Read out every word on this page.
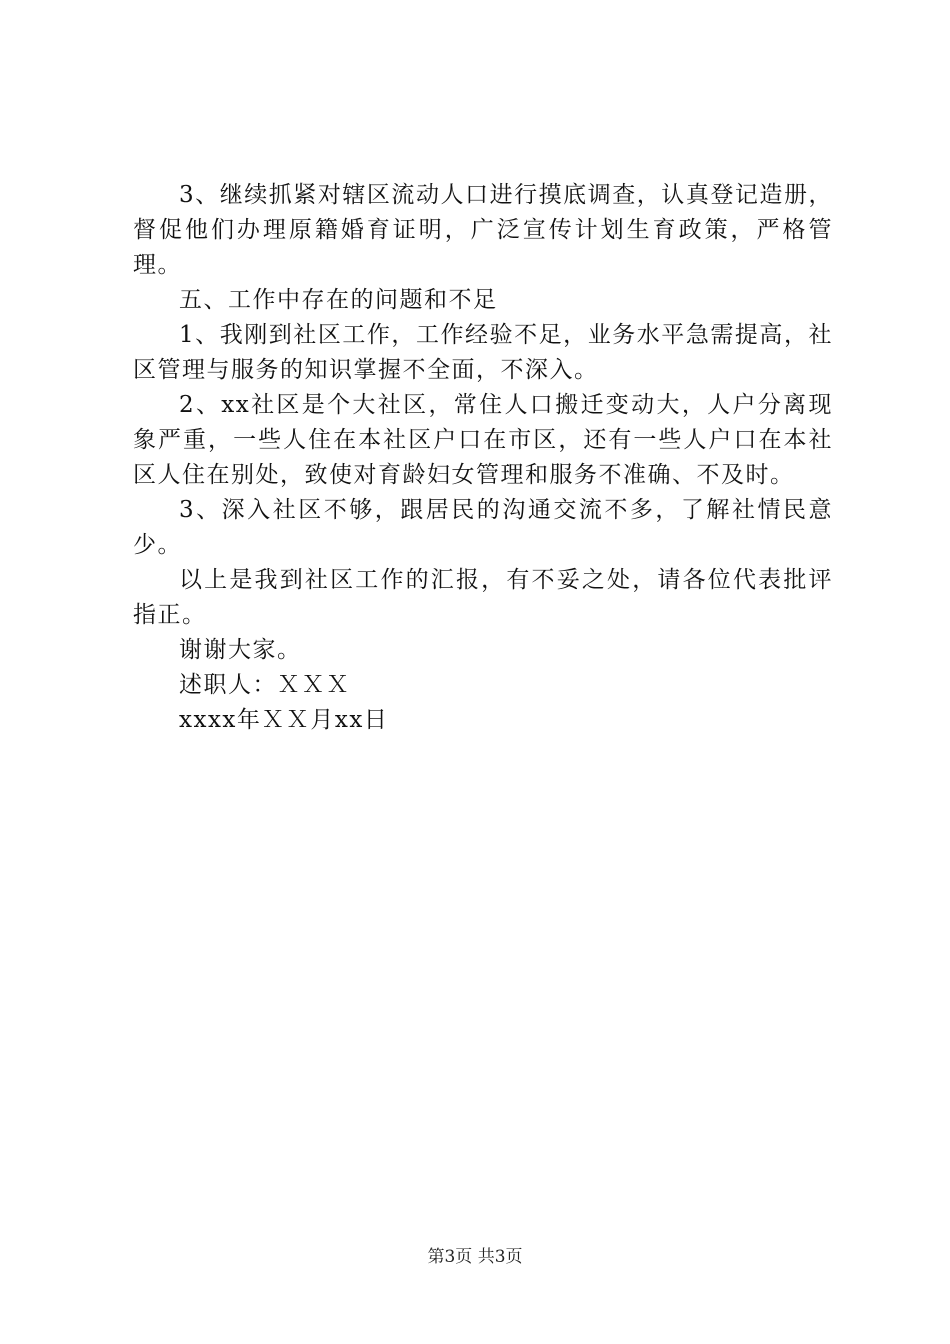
3、继续抓紧对辖区流动人口进行摸底调查，认真登记造册，督促他们办理原籍婚育证明，广泛宣传计划生育政策，严格管理。

五、工作中存在的问题和不足

1、我刚到社区工作，工作经验不足，业务水平急需提高，社区管理与服务的知识掌握不全面，不深入。

2、xx社区是个大社区，常住人口搬迁变动大，人户分离现象严重，一些人住在本社区户口在市区，还有一些人户口在本社区人住在别处，致使对育龄妇女管理和服务不准确、不及时。

3、深入社区不够，跟居民的沟通交流不多，了解社情民意少。

以上是我到社区工作的汇报，有不妥之处，请各位代表批评指正。

谢谢大家。

述职人：ＸＸＸ

xxxx年ＸＸ月xx日

第3页 共3页
